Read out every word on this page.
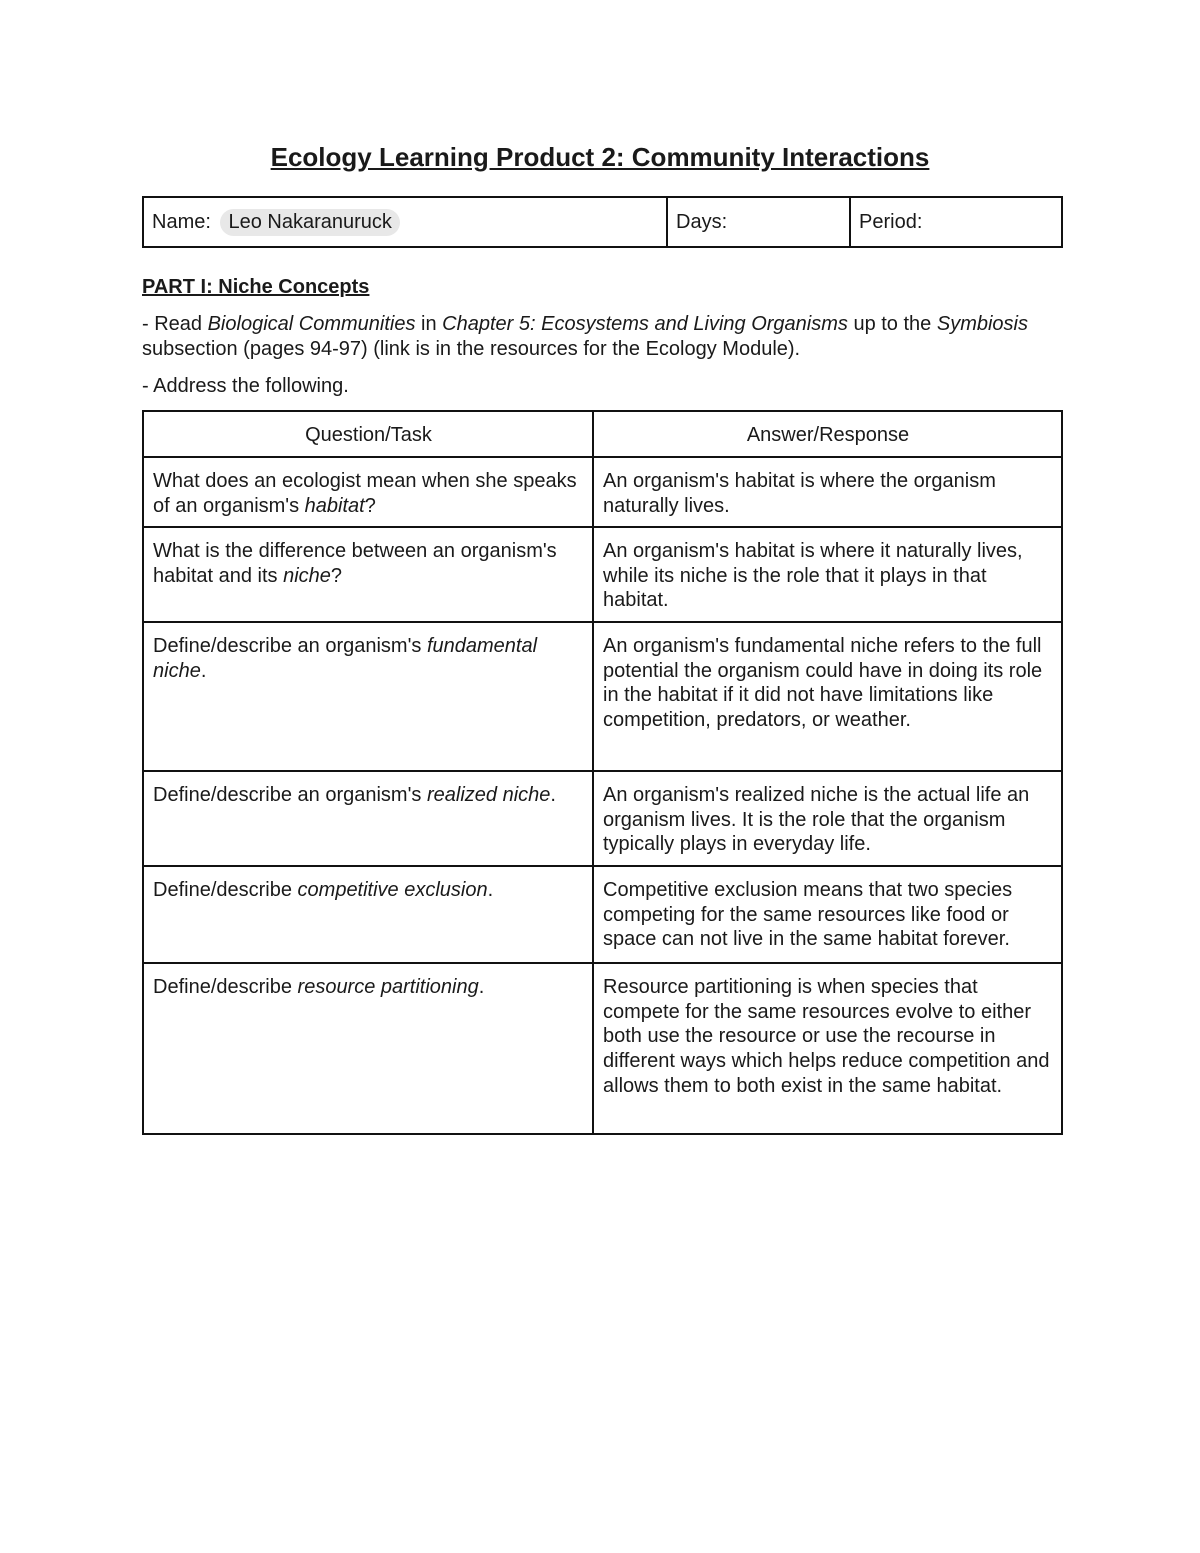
Ecology Learning Product 2: Community Interactions
Name: Leo Nakaranuruck	Days:	Period:

PART I: Niche Concepts

- Read Biological Communities in Chapter 5: Ecosystems and Living Organisms up to the Symbiosis subsection (pages 94-97) (link is in the resources for the Ecology Module).

- Address the following.

Question/Task	Answer/Response
What does an ecologist mean when she speaks of an organism's habitat?	An organism's habitat is where the organism naturally lives.
What is the difference between an organism's habitat and its niche?	An organism's habitat is where it naturally lives, while its niche is the role that it plays in that habitat.
Define/describe an organism's fundamental niche.	An organism's fundamental niche refers to the full potential the organism could have in doing its role in the habitat if it did not have limitations like competition, predators, or weather.
Define/describe an organism's realized niche.	An organism's realized niche is the actual life an organism lives. It is the role that the organism typically plays in everyday life.
Define/describe competitive exclusion.	Competitive exclusion means that two species competing for the same resources like food or space can not live in the same habitat forever.
Define/describe resource partitioning.	Resource partitioning is when species that compete for the same resources evolve to either both use the resource or use the recourse in different ways which helps reduce competition and allows them to both exist in the same habitat.
